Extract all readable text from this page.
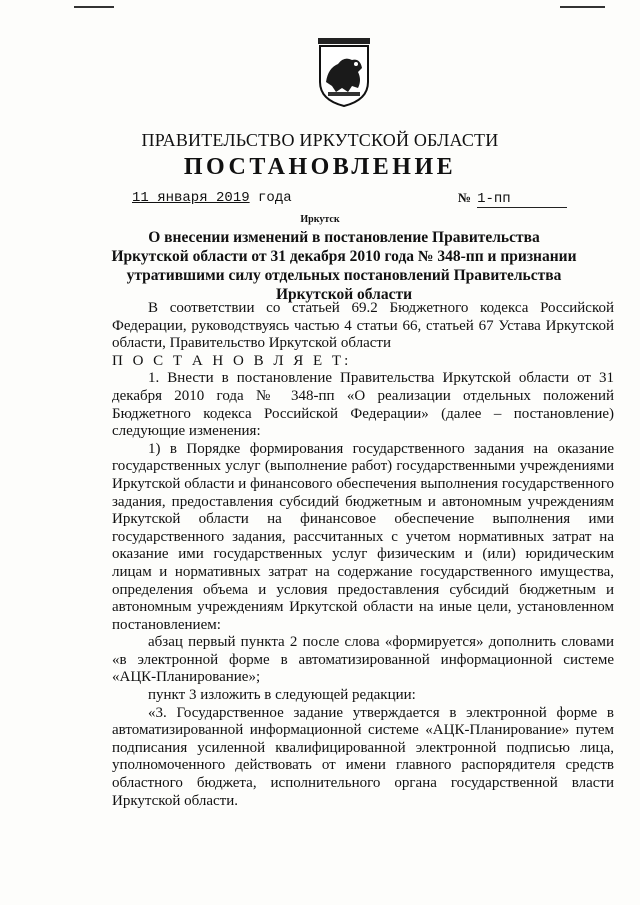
ПРАВИТЕЛЬСТВО ИРКУТСКОЙ ОБЛАСТИ
ПОСТАНОВЛЕНИЕ
11 января 2019 года	№ 1-пп
Иркутск
О внесении изменений в постановление Правительства Иркутской области от 31 декабря 2010 года № 348-пп и признании утратившими силу отдельных постановлений Правительства Иркутской области

В соответствии со статьей 69.2 Бюджетного кодекса Российской Федерации, руководствуясь частью 4 статьи 66, статьей 67 Устава Иркутской области, Правительство Иркутской области

П О С Т А Н О В Л Я Е Т:

1. Внести в постановление Правительства Иркутской области от 31 декабря 2010 года № 348-пп «О реализации отдельных положений Бюджетного кодекса Российской Федерации» (далее – постановление) следующие изменения:

1) в Порядке формирования государственного задания на оказание государственных услуг (выполнение работ) государственными учреждениями Иркутской области и финансового обеспечения выполнения государственного задания, предоставления субсидий бюджетным и автономным учреждениям Иркутской области на финансовое обеспечение выполнения ими государственного задания, рассчитанных с учетом нормативных затрат на оказание ими государственных услуг физическим и (или) юридическим лицам и нормативных затрат на содержание государственного имущества, определения объема и условия предоставления субсидий бюджетным и автономным учреждениям Иркутской области на иные цели, установленном постановлением:

абзац первый пункта 2 после слова «формируется» дополнить словами «в электронной форме в автоматизированной информационной системе «АЦК-Планирование»;

пункт 3 изложить в следующей редакции:

«3. Государственное задание утверждается в электронной форме в автоматизированной информационной системе «АЦК-Планирование» путем подписания усиленной квалифицированной электронной подписью лица, уполномоченного действовать от имени главного распорядителя средств областного бюджета, исполнительного органа государственной власти Иркутской области.
